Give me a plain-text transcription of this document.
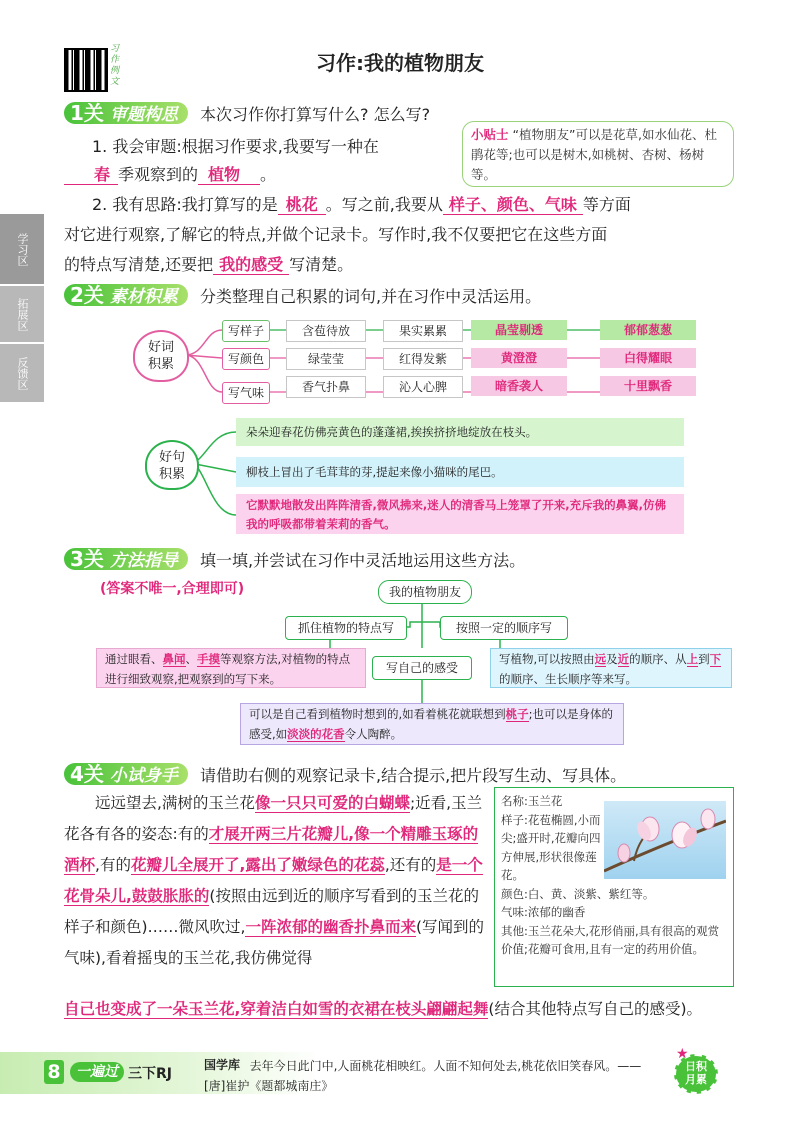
习作例文
习作:我的植物朋友
学习区
拓展区
反馈区
1关 审题构思	本次习作你打算写什么? 怎么写?
小贴士 “植物朋友”可以是花草,如水仙花、杜鹃花等;也可以是树木,如桃树、杏树、杨树等。
1. 我会审题:根据习作要求,我要写一种在
春 季观察到的 植物 。
2. 我有思路:我打算写的是 桃花 。写之前,我要从 样子、颜色、气味 等方面
对它进行观察,了解它的特点,并做个记录卡。写作时,我不仅要把它在这些方面
的特点写清楚,还要把 我的感受 写清楚。
2关 素材积累	分类整理自己积累的词句,并在习作中灵活运用。
好词积累
写样子	含苞待放	果实累累	晶莹剔透	郁郁葱葱
写颜色	绿莹莹	红得发紫	黄澄澄	白得耀眼
写气味	香气扑鼻	沁人心脾	暗香袭人	十里飘香
好句积累
朵朵迎春花仿佛亮黄色的蓬蓬裙,挨挨挤挤地绽放在枝头。
柳枝上冒出了毛茸茸的芽,提起来像小猫咪的尾巴。
它默默地散发出阵阵清香,微风拂来,迷人的清香马上笼罩了开来,充斥我的鼻翼,仿佛我的呼吸都带着茉莉的香气。
3关 方法指导	填一填,并尝试在习作中灵活地运用这些方法。
(答案不唯一,合理即可)	我的植物朋友
抓住植物的特点写	按照一定的顺序写
写自己的感受
通过眼看、鼻闻、手摸等观察方法,对植物的特点进行细致观察,把观察到的写下来。
写植物,可以按照由远及近的顺序、从上到下的顺序、生长顺序等来写。
可以是自己看到植物时想到的,如看着桃花就联想到桃子;也可以是身体的感受,如淡淡的花香令人陶醉。
4关 小试身手	请借助右侧的观察记录卡,结合提示,把片段写生动、写具体。
远远望去,满树的玉兰花像一只只可爱的白蝴蝶;近看,玉兰花各有各的姿态:有的才展开两三片花瓣儿,像一个精雕玉琢的酒杯,有的花瓣儿全展开了,露出了嫩绿色的花蕊,还有的是一个花骨朵儿,鼓鼓胀胀的(按照由远到近的顺序写看到的玉兰花的样子和颜色)……微风吹过,一阵浓郁的幽香扑鼻而来(写闻到的气味),看着摇曳的玉兰花,我仿佛觉得
自己也变成了一朵玉兰花,穿着洁白如雪的衣裙在枝头翩翩起舞(结合其他特点写自己的感受)。
名称:玉兰花
样子:花苞椭圆,小而尖;盛开时,花瓣向四方伸展,形状很像莲花。
颜色:白、黄、淡紫、紫红等。
气味:浓郁的幽香
其他:玉兰花朵大,花形俏丽,具有很高的观赏价值;花瓣可食用,且有一定的药用价值。
8	一遍过 三下RJ
国学库 去年今日此门中,人面桃花相映红。人面不知何处去,桃花依旧笑春风。——[唐]崔护《题都城南庄》
日积月累
★
